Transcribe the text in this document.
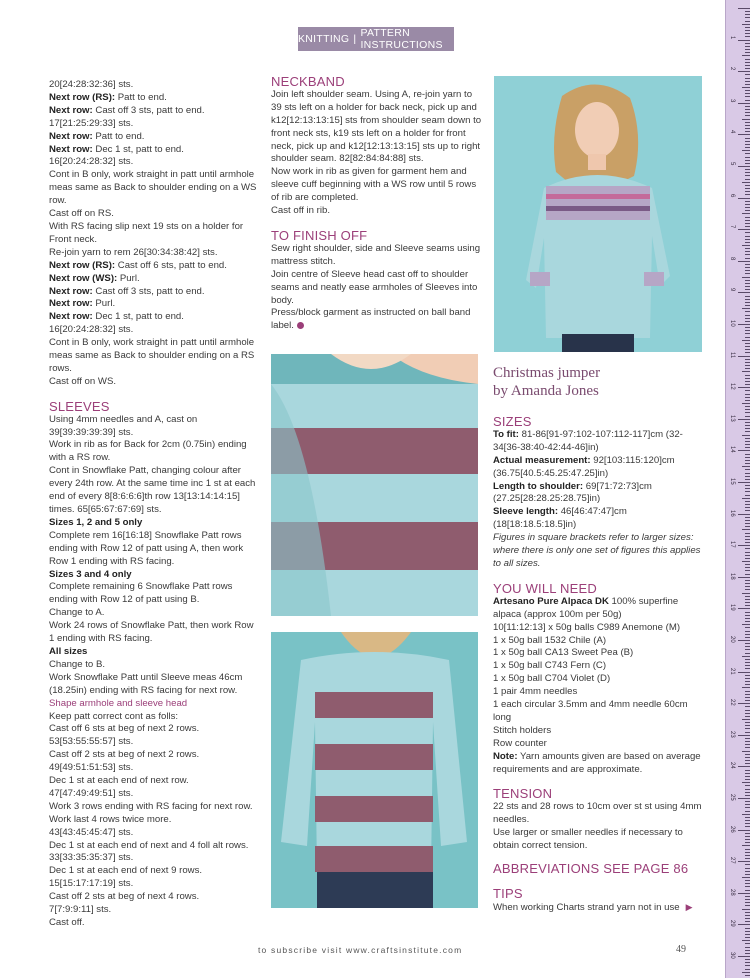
KNITTING | PATTERN INSTRUCTIONS
1
2
3
4
5
6
7
8
9
10
11
12
13
14
15
16
17
18
19
20
21
22
23
24
25
26
27
28
29
30

20[24:28:32:36] sts.

Next row (RS): Patt to end.

Next row: Cast off 3 sts, patt to end.

17[21:25:29:33] sts.

Next row: Patt to end.

Next row: Dec 1 st, patt to end.

16[20:24:28:32] sts.

Cont in B only, work straight in patt until armhole meas same as Back to shoulder ending on a WS row.

Cast off on RS.

With RS facing slip next 19 sts on a holder for Front neck.

Re-join yarn to rem 26[30:34:38:42] sts.

Next row (RS): Cast off 6 sts, patt to end.

Next row (WS): Purl.

Next row: Cast off 3 sts, patt to end.

Next row: Purl.

Next row: Dec 1 st, patt to end.

16[20:24:28:32] sts.

Cont in B only, work straight in patt until armhole meas same as Back to shoulder ending on a RS rows.

Cast off on WS.

SLEEVES

Using 4mm needles and A, cast on 39[39:39:39:39] sts.

Work in rib as for Back for 2cm (0.75in) ending with a RS row.

Cont in Snowflake Patt, changing colour after every 24th row. At the same time inc 1 st at each end of every 8[8:6:6:6]th row 13[13:14:14:15] times. 65[65:67:67:69] sts.

Sizes 1, 2 and 5 only

Complete rem 16[16:18] Snowflake Patt rows ending with Row 12 of patt using A, then work Row 1 ending with RS facing.

Sizes 3 and 4 only

Complete remaining 6 Snowflake Patt rows ending with Row 12 of patt using B.

Change to A.

Work 24 rows of Snowflake Patt, then work Row 1 ending with RS facing.

All sizes

Change to B.

Work Snowflake Patt until Sleeve meas 46cm (18.25in) ending with RS facing for next row.

Shape armhole and sleeve head

Keep patt correct cont as folls:

Cast off 6 sts at beg of next 2 rows.

53[53:55:55:57] sts.

Cast off 2 sts at beg of next 2 rows.

49[49:51:51:53] sts.

Dec 1 st at each end of next row.

47[47:49:49:51] sts.

Work 3 rows ending with RS facing for next row.

Work last 4 rows twice more.

43[43:45:45:47] sts.

Dec 1 st at each end of next and 4 foll alt rows.

33[33:35:35:37] sts.

Dec 1 st at each end of next 9 rows.

15[15:17:17:19] sts.

Cast off 2 sts at beg of next 4 rows.

7[7:9:9:11] sts.

Cast off.

NECKBAND

Join left shoulder seam. Using A, re-join yarn to 39 sts left on a holder for back neck, pick up and k12[12:13:13:15] sts from shoulder seam down to front neck sts, k19 sts left on a holder for front neck, pick up and k12[12:13:13:15] sts up to right shoulder seam. 82[82:84:84:88] sts.

Now work in rib as given for garment hem and sleeve cuff beginning with a WS row until 5 rows of rib are completed.

Cast off in rib.

TO FINISH OFF

Sew right shoulder, side and Sleeve seams using mattress stitch.

Join centre of Sleeve head cast off to shoulder seams and neatly ease armholes of Sleeves into body.

Press/block garment as instructed on ball band label.

Christmas jumper
by Amanda Jones
SIZES

To fit: 81-86[91-97:102-107:112-117]cm (32-34[36-38:40-42:44-46]in)

Actual measurement: 92[103:115:120]cm (36.75[40.5:45.25:47.25]in)

Length to shoulder: 69[71:72:73]cm (27.25[28:28.25:28.75]in)

Sleeve length: 46[46:47:47]cm (18[18:18.5:18.5]in)

Figures in square brackets refer to larger sizes: where there is only one set of figures this applies to all sizes.

YOU WILL NEED

Artesano Pure Alpaca DK 100% superfine alpaca (approx 100m per 50g)

10[11:12:13] x 50g balls C989 Anemone (M)

1 x 50g ball 1532 Chile (A)

1 x 50g ball CA13 Sweet Pea (B)

1 x 50g ball C743 Fern (C)

1 x 50g ball C704 Violet (D)

1 pair 4mm needles

1 each circular 3.5mm and 4mm needle 60cm long

Stitch holders

Row counter

Note: Yarn amounts given are based on average requirements and are approximate.

TENSION

22 sts and 28 rows to 10cm over st st using 4mm needles.

Use larger or smaller needles if necessary to obtain correct tension.

ABBREVIATIONS SEE PAGE 86
TIPS

When working Charts strand yarn not in use ▶

to subscribe visit www.craftsinstitute.com	49
